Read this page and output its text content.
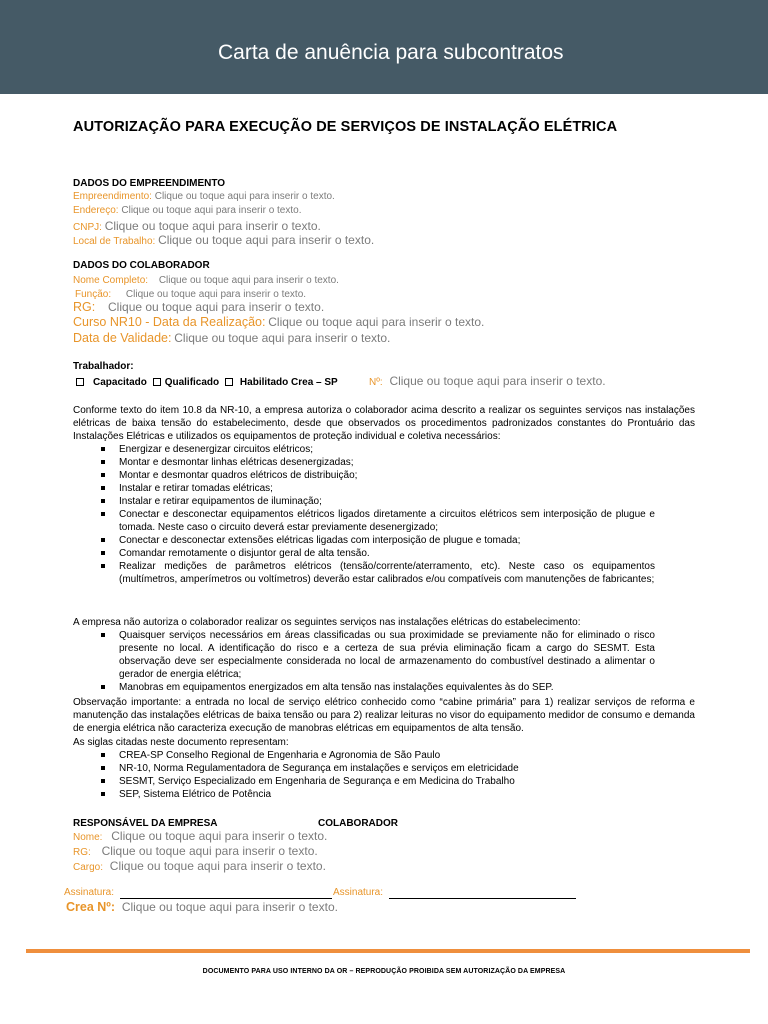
Carta de anuência para subcontratos
AUTORIZAÇÃO PARA EXECUÇÃO DE SERVIÇOS DE INSTALAÇÃO ELÉTRICA
DADOS DO EMPREENDIMENTO
Empreendimento: Clique ou toque aqui para inserir o texto.
Endereço: Clique ou toque aqui para inserir o texto.
CNPJ: Clique ou toque aqui para inserir o texto.
Local de Trabalho: Clique ou toque aqui para inserir o texto.
DADOS DO COLABORADOR
Nome Completo: Clique ou toque aqui para inserir o texto.
Função: Clique ou toque aqui para inserir o texto.
RG: Clique ou toque aqui para inserir o texto.
Curso NR10 - Data da Realização: Clique ou toque aqui para inserir o texto.
Data de Validade: Clique ou toque aqui para inserir o texto.
Trabalhador:
Capacitado Qualificado Habilitado Crea – SP	Nº: Clique ou toque aqui para inserir o texto.
Conforme texto do item 10.8 da NR-10, a empresa autoriza o colaborador acima descrito a realizar os seguintes serviços nas instalações elétricas de baixa tensão do estabelecimento, desde que observados os procedimentos padronizados constantes do Prontuário das Instalações Elétricas e utilizados os equipamentos de proteção individual e coletiva necessários:
Energizar e desenergizar circuitos elétricos;
Montar e desmontar linhas elétricas desenergizadas;
Montar e desmontar quadros elétricos de distribuição;
Instalar e retirar tomadas elétricas;
Instalar e retirar equipamentos de iluminação;
Conectar e desconectar equipamentos elétricos ligados diretamente a circuitos elétricos sem interposição de plugue e tomada. Neste caso o circuito deverá estar previamente desenergizado;
Conectar e desconectar extensões elétricas ligadas com interposição de plugue e tomada;
Comandar remotamente o disjuntor geral de alta tensão.
Realizar medições de parâmetros elétricos (tensão/corrente/aterramento, etc). Neste caso os equipamentos (multímetros, amperímetros ou voltímetros) deverão estar calibrados e/ou compatíveis com manutenções de fabricantes;
A empresa não autoriza o colaborador realizar os seguintes serviços nas instalações elétricas do estabelecimento:
Quaisquer serviços necessários em áreas classificadas ou sua proximidade se previamente não for eliminado o risco presente no local. A identificação do risco e a certeza de sua prévia eliminação ficam a cargo do SESMT. Esta observação deve ser especialmente considerada no local de armazenamento do combustível destinado a alimentar o gerador de energia elétrica;
Manobras em equipamentos energizados em alta tensão nas instalações equivalentes às do SEP.
Observação importante: a entrada no local de serviço elétrico conhecido como “cabine primária” para 1) realizar serviços de reforma e manutenção das instalações elétricas de baixa tensão ou para 2) realizar leituras no visor do equipamento medidor de consumo e demanda de energia elétrica não caracteriza execução de manobras elétricas em equipamentos de alta tensão.
As siglas citadas neste documento representam:
CREA-SP Conselho Regional de Engenharia e Agronomia de São Paulo
NR-10, Norma Regulamentadora de Segurança em instalações e serviços em eletricidade
SESMT, Serviço Especializado em Engenharia de Segurança e em Medicina do Trabalho
SEP, Sistema Elétrico de Potência
RESPONSÁVEL DA EMPRESA	COLABORADOR
Nome: Clique ou toque aqui para inserir o texto.
RG: Clique ou toque aqui para inserir o texto.
Cargo: Clique ou toque aqui para inserir o texto.
Assinatura:	Assinatura:
Crea Nº: Clique ou toque aqui para inserir o texto.
DOCUMENTO PARA USO INTERNO DA OR – REPRODUÇÃO PROIBIDA SEM AUTORIZAÇÃO DA EMPRESA
